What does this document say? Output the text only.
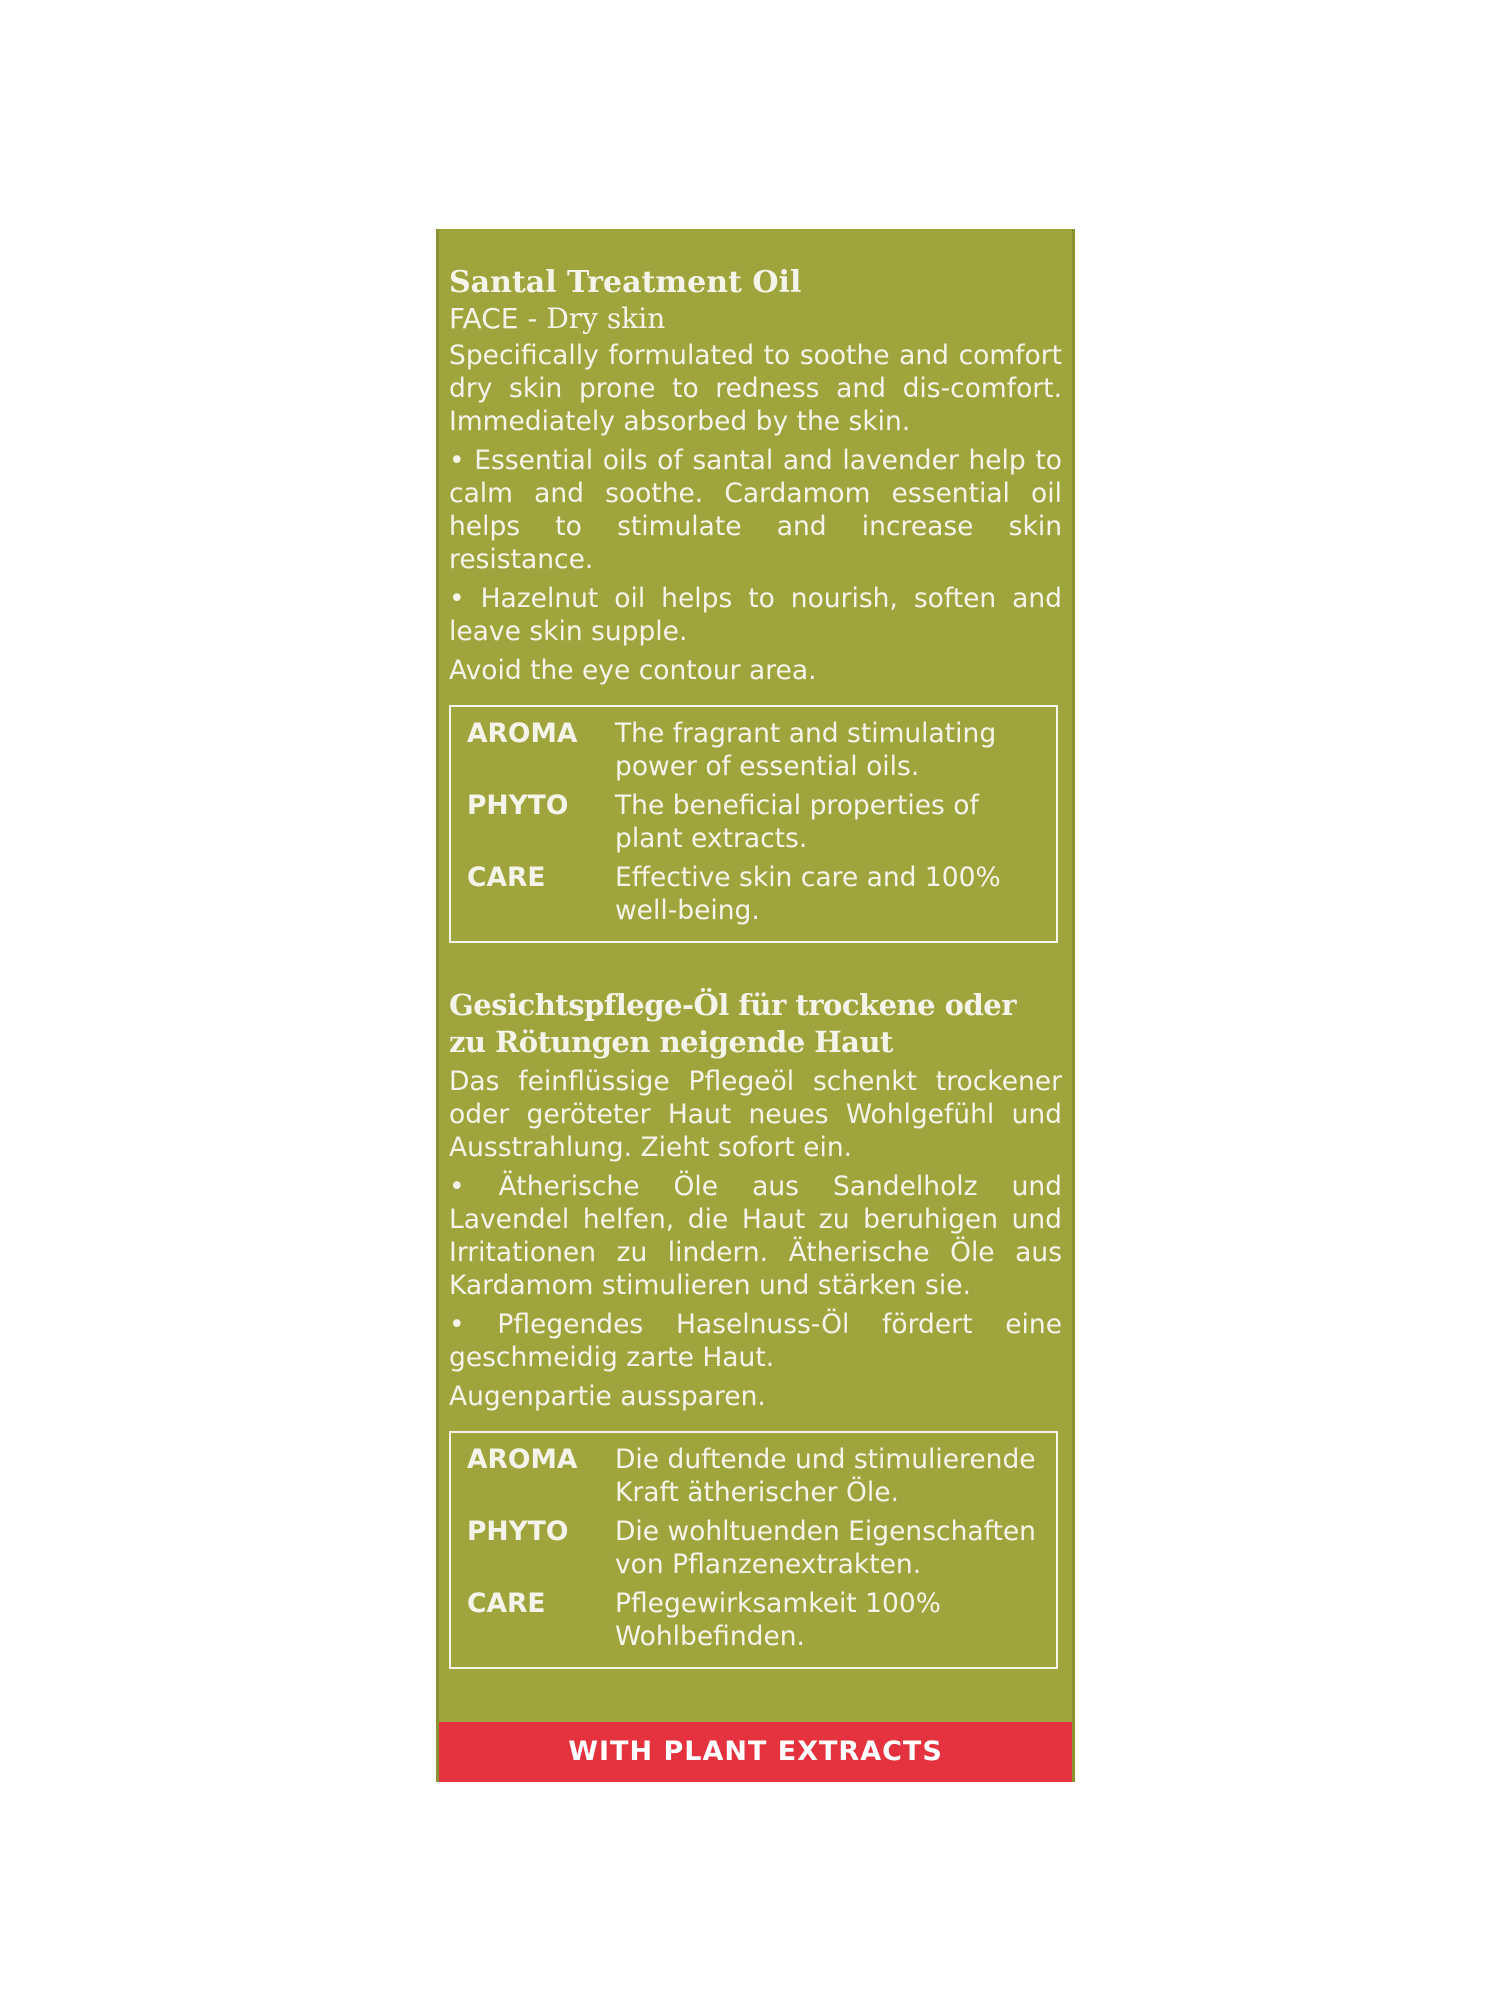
Santal Treatment Oil
FACE - Dry skin

Specifically formulated to soothe and comfort dry skin prone to redness and dis-comfort. Immediately absorbed by the skin.

• Essential oils of santal and lavender help to calm and soothe. Cardamom essential oil helps to stimulate and increase skin resistance.

• Hazelnut oil helps to nourish, soften and leave skin supple.

Avoid the eye contour area.

AROMA	The fragrant and stimulating power of essential oils.
PHYTO	The beneficial properties of plant extracts.
CARE	Effective skin care and 100% well-being.
Gesichtspflege-Öl für trockene oder zu Rötungen neigende Haut

Das feinflüssige Pflegeöl schenkt trockener oder geröteter Haut neues Wohlgefühl und Ausstrahlung. Zieht sofort ein.

• Ätherische Öle aus Sandelholz und Lavendel helfen, die Haut zu beruhigen und Irritationen zu lindern. Ätherische Öle aus Kardamom stimulieren und stärken sie.

• Pflegendes Haselnuss-Öl fördert eine geschmeidig zarte Haut.

Augenpartie aussparen.

AROMA	Die duftende und stimulierende Kraft ätherischer Öle.
PHYTO	Die wohltuenden Eigenschaften von Pflanzenextrakten.
CARE	Pflegewirksamkeit 100% Wohlbefinden.
WITH PLANT EXTRACTS
